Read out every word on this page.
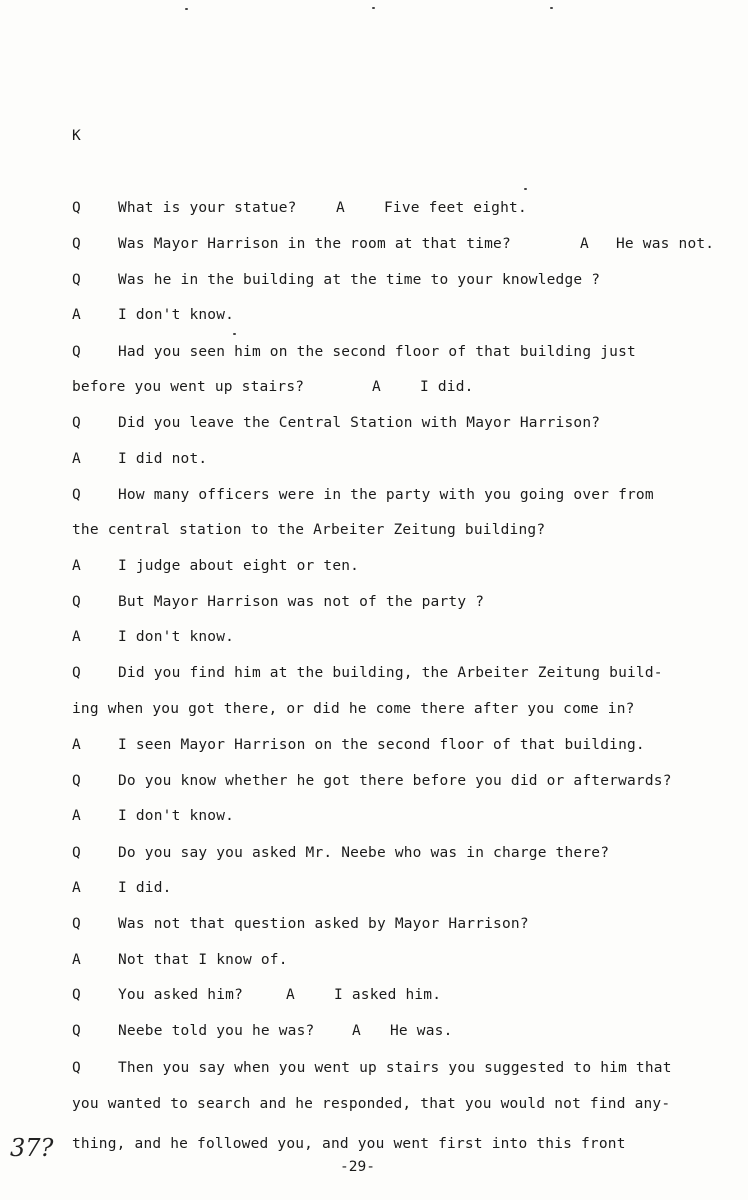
K
Q	What is your statue?	A	Five feet eight.
Q	Was Mayor Harrison in the room at that time?	A He was not.
Q	Was he in the building at the time to your knowledge ?
A	I don't know.
Q	Had you seen him on the second floor of that building just
before you went up stairs?	A	I did.
Q	Did you leave the Central Station with Mayor Harrison?
A	I did not.
Q	How many officers were in the party with you going over from
the central station to the Arbeiter Zeitung building?
A	I judge about eight or ten.
Q	But Mayor Harrison was not of the party ?
A	I don't know.
Q	Did you find him at the building, the Arbeiter Zeitung build-
ing when you got there, or did he come there after you come in?
A	I seen Mayor Harrison on the second floor of that building.
Q	Do you know whether he got there before you did or afterwards?
A	I don't know.
Q	Do you say you asked Mr. Neebe who was in charge there?
A	I did.
Q	Was not that question asked by Mayor Harrison?
A	Not that I know of.
Q	You asked him?	A	I asked him.
Q	Neebe told you he was?	A He was.
Q	Then you say when you went up stairs you suggested to him that
you wanted to search and he responded, that you would not find any-
thing, and he followed you, and you went first into this front
37?
-29-
